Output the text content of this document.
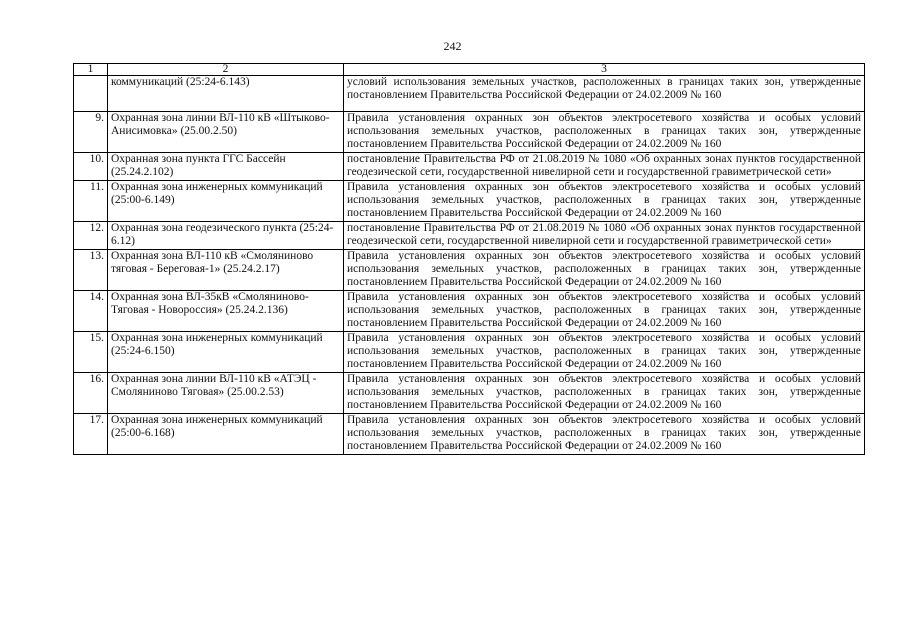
242
1	2	3
	коммуникаций (25:24-6.143)	условий использования земельных участков, расположенных в границах таких зон, утвержденные постановлением Правительства Российской Федерации от 24.02.2009 № 160
9.	Охранная зона линии ВЛ-110 кВ «Штыково-Анисимовка» (25.00.2.50)	Правила установления охранных зон объектов электросетевого хозяйства и особых условий использования земельных участков, расположенных в границах таких зон, утвержденные постановлением Правительства Российской Федерации от 24.02.2009 № 160
10.	Охранная зона пункта ГГС Бассейн (25.24.2.102)	постановление Правительства РФ от 21.08.2019 № 1080 «Об охранных зонах пунктов государственной геодезической сети, государственной нивелирной сети и государственной гравиметрической сети»
11.	Охранная зона инженерных коммуникаций (25:00-6.149)	Правила установления охранных зон объектов электросетевого хозяйства и особых условий использования земельных участков, расположенных в границах таких зон, утвержденные постановлением Правительства Российской Федерации от 24.02.2009 № 160
12.	Охранная зона геодезического пункта (25:24-6.12)	постановление Правительства РФ от 21.08.2019 № 1080 «Об охранных зонах пунктов государственной геодезической сети, государственной нивелирной сети и государственной гравиметрической сети»
13.	Охранная зона ВЛ-110 кВ «Смоляниново тяговая - Береговая-1» (25.24.2.17)	Правила установления охранных зон объектов электросетевого хозяйства и особых условий использования земельных участков, расположенных в границах таких зон, утвержденные постановлением Правительства Российской Федерации от 24.02.2009 № 160
14.	Охранная зона ВЛ-35кВ «Смоляниново-Тяговая - Новороссия» (25.24.2.136)	Правила установления охранных зон объектов электросетевого хозяйства и особых условий использования земельных участков, расположенных в границах таких зон, утвержденные постановлением Правительства Российской Федерации от 24.02.2009 № 160
15.	Охранная зона инженерных коммуникаций (25:24-6.150)	Правила установления охранных зон объектов электросетевого хозяйства и особых условий использования земельных участков, расположенных в границах таких зон, утвержденные постановлением Правительства Российской Федерации от 24.02.2009 № 160
16.	Охранная зона линии ВЛ-110 кВ «АТЭЦ - Смоляниново Тяговая» (25.00.2.53)	Правила установления охранных зон объектов электросетевого хозяйства и особых условий использования земельных участков, расположенных в границах таких зон, утвержденные постановлением Правительства Российской Федерации от 24.02.2009 № 160
17.	Охранная зона инженерных коммуникаций (25:00-6.168)	Правила установления охранных зон объектов электросетевого хозяйства и особых условий использования земельных участков, расположенных в границах таких зон, утвержденные постановлением Правительства Российской Федерации от 24.02.2009 № 160
